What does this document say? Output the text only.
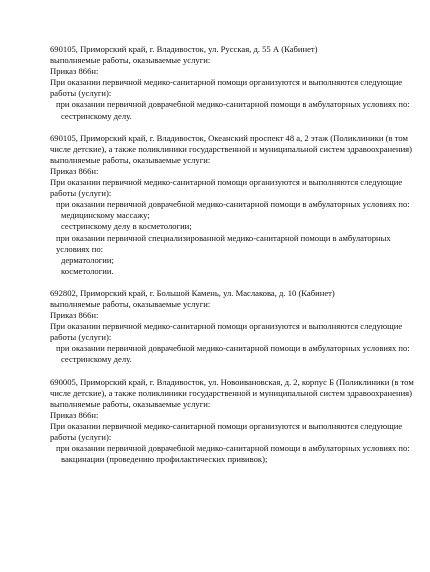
690105, Приморский край, г. Владивосток, ул. Русская, д. 55 А (Кабинет)
выполняемые работы, оказываемые услуги:
Приказ 866н:
При оказании первичной медико-санитарной помощи организуются и выполняются следующие работы (услуги):
при оказании первичной доврачебной медико-санитарной помощи в амбулаторных условиях по:
сестринскому делу.
690105, Приморский край, г. Владивосток, Океанский проспект 48 а, 2 этаж (Поликлиники (в том числе детские), а также поликлиники государственной и муниципальной систем здравоохранения)
выполняемые работы, оказываемые услуги:
Приказ 866н:
При оказании первичной медико-санитарной помощи организуются и выполняются следующие работы (услуги):
при оказании первичной доврачебной медико-санитарной помощи в амбулаторных условиях по:
медицинскому массажу;
сестринскому делу в косметологии;
при оказании первичной специализированной медико-санитарной помощи в амбулаторных условиях по:
дерматологии;
косметологии.
692802, Приморский край, г. Большой Камень, ул. Маслакова, д. 10 (Кабинет)
выполняемые работы, оказываемые услуги:
Приказ 866н:
При оказании первичной медико-санитарной помощи организуются и выполняются следующие работы (услуги):
при оказании первичной доврачебной медико-санитарной помощи в амбулаторных условиях по:
сестринскому делу.
690005, Приморский край, г. Владивосток, ул. Новоивановская, д. 2, корпус Б (Поликлиники (в том числе детские), а также поликлиники государственной и муниципальной систем здравоохранения)
выполняемые работы, оказываемые услуги:
Приказ 866н:
При оказании первичной медико-санитарной помощи организуются и выполняются следующие работы (услуги):
при оказании первичной доврачебной медико-санитарной помощи в амбулаторных условиях по:
вакцинации (проведению профилактических прививок);
